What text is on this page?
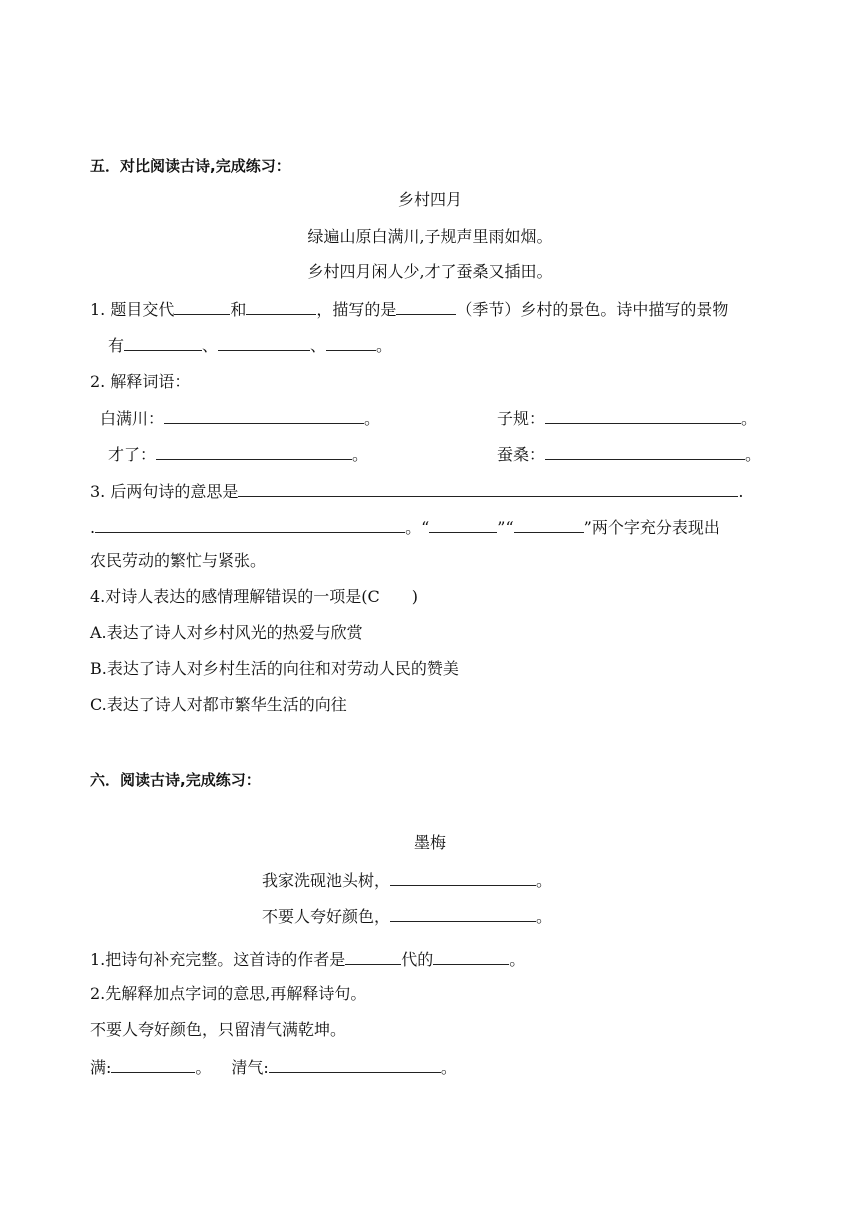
五．对比阅读古诗,完成练习：
乡村四月
绿遍山原白满川,子规声里雨如烟。
乡村四月闲人少,才了蚕桑又插田。
1. 题目交代	和	，描写的是	（季节）乡村的景色。诗中描写的景物
有	、	、	。
2. 解释词语：
白满川：	。	子规：	。
才了：	。	蚕桑：	。
3. 后两句诗的意思是	.
.	。“	”“	”两个字充分表现出
农民劳动的繁忙与紧张。
4.对诗人表达的感情理解错误的一项是(C　　)
A.表达了诗人对乡村风光的热爱与欣赏
B.表达了诗人对乡村生活的向往和对劳动人民的赞美
C.表达了诗人对都市繁华生活的向往
六．阅读古诗,完成练习：
墨梅
我家洗砚池头树，	。
不要人夸好颜色，	。
1.把诗句补充完整。这首诗的作者是	代的	。
2.先解释加点字词的意思,再解释诗句。
不要人夸好颜色，只留清气满乾坤。
满:	。 清气:	。
